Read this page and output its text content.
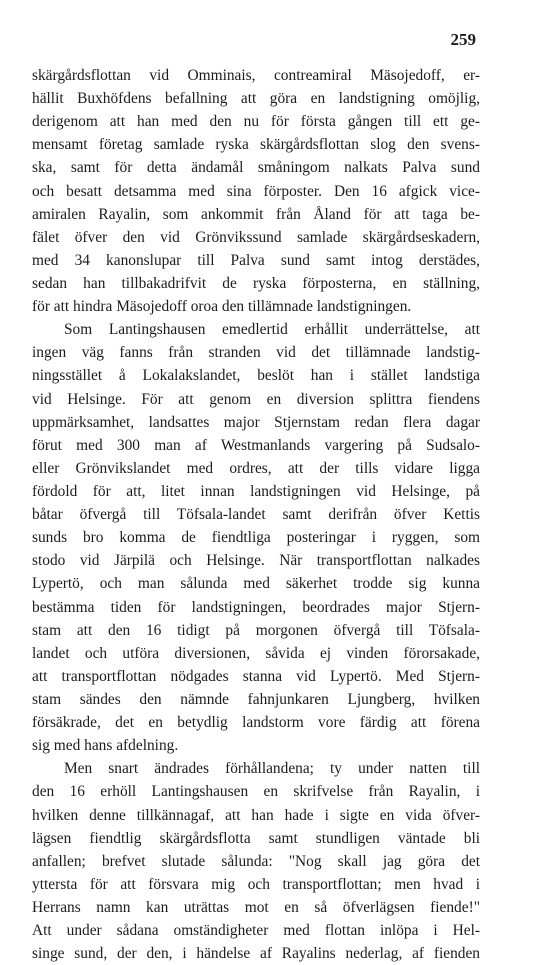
259
skärgårdsflottan vid Omminais, contreamiral Mäsojedoff, er-
hällit Buxhöfdens befallning att göra en landstigning omöjlig,
derigenom att han med den nu för första gången till ett ge-
mensamt företag samlade ryska skärgårdsflottan slog den svens-
ska, samt för detta ändamål småningom nalkats Palva sund
och besatt detsamma med sina förposter. Den 16 afgick vice-
amiralen Rayalin, som ankommit från Åland för att taga be-
fälet öfver den vid Grönvikssund samlade skärgårdseskadern,
med 34 kanonslupar till Palva sund samt intog derstädes,
sedan han tillbakadrifvit de ryska förposterna, en ställning,
för att hindra Mäsojedoff oroa den tillämnade landstigningen.
Som Lantingshausen emedlertid erhållit underrättelse, att
ingen väg fanns från stranden vid det tillämnade landstig-
ningsstället å Lokalakslandet, beslöt han i stället landstiga
vid Helsinge. För att genom en diversion splittra fiendens
uppmärksamhet, landsattes major Stjernstam redan flera dagar
förut med 300 man af Westmanlands vargering på Sudsalo-
eller Grönvikslandet med ordres, att der tills vidare ligga
fördold för att, litet innan landstigningen vid Helsinge, på
båtar öfvergå till Töfsala-landet samt derifrån öfver Kettis
sunds bro komma de fiendtliga posteringar i ryggen, som
stodo vid Järpilä och Helsinge. När transportflottan nalkades
Lypertö, och man sålunda med säkerhet trodde sig kunna
bestämma tiden för landstigningen, beordrades major Stjern-
stam att den 16 tidigt på morgonen öfvergå till Töfsala-
landet och utföra diversionen, såvida ej vinden förorsakade,
att transportflottan nödgades stanna vid Lypertö. Med Stjern-
stam sändes den nämnde fahnjunkaren Ljungberg, hvilken
försäkrade, det en betydlig landstorm vore färdig att förena
sig med hans afdelning.
Men snart ändrades förhållandena; ty under natten till
den 16 erhöll Lantingshausen en skrifvelse från Rayalin, i
hvilken denne tillkännagaf, att han hade i sigte en vida öfver-
lägsen fiendtlig skärgårdsflotta samt stundligen väntade bli
anfallen; brefvet slutade sålunda: "Nog skall jag göra det
yttersta för att försvara mig och transportflottan; men hvad i
Herrans namn kan uträttas mot en så öfverlägsen fiende!"
Att under sådana omständigheter med flottan inlöpa i Hel-
singe sund, der den, i händelse af Rayalins nederlag, af fienden
